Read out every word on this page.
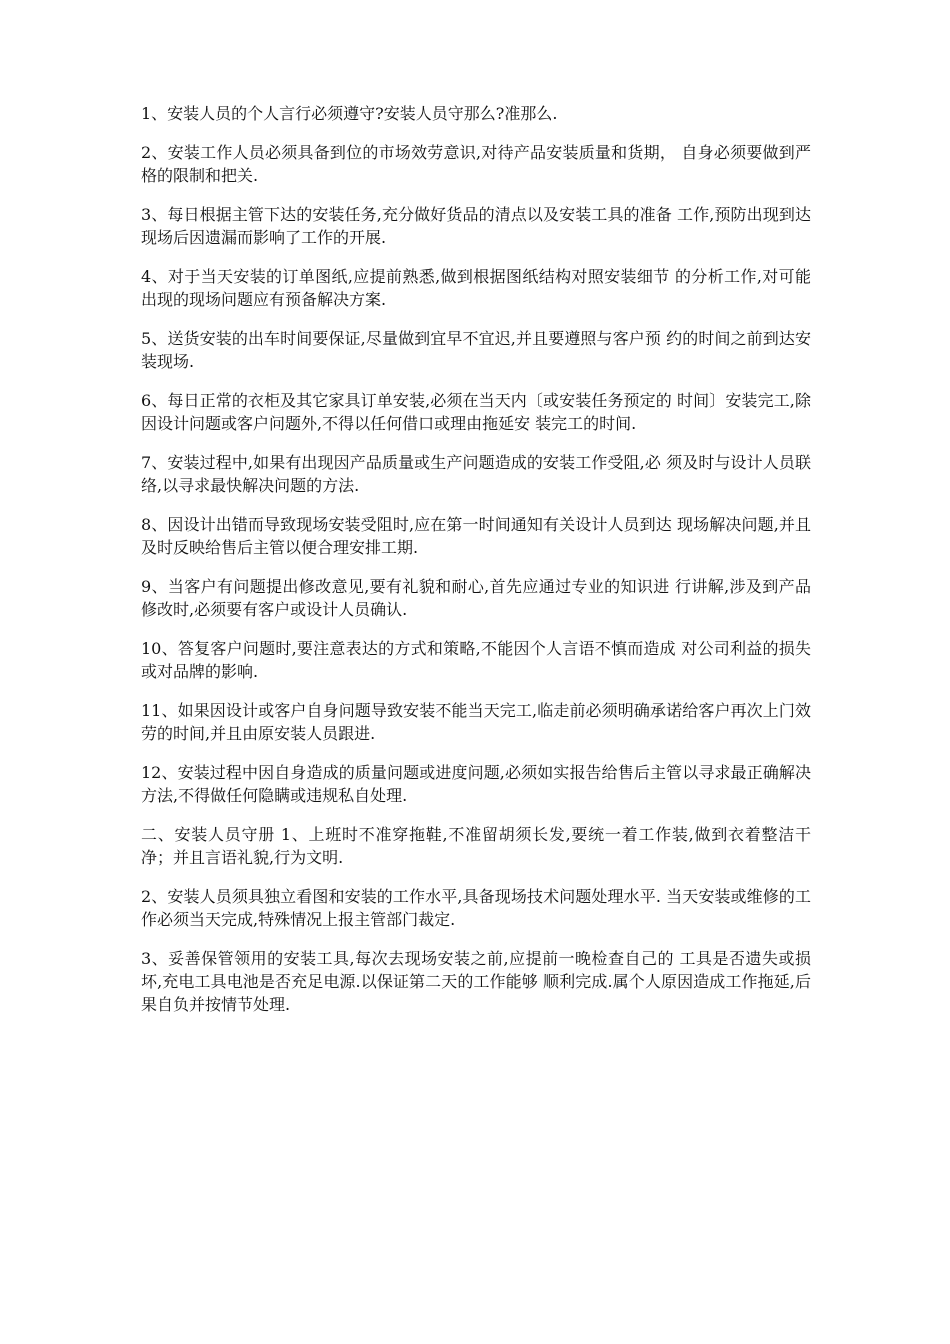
1、安装人员的个人言行必须遵守?安装人员守那么?准那么.

2、安装工作人员必须具备到位的市场效劳意识,对待产品安装质量和货期， 自身必须要做到严格的限制和把关.

3、每日根据主管下达的安装任务,充分做好货品的清点以及安装工具的准备 工作,预防出现到达现场后因遗漏而影响了工作的开展.

4、对于当天安装的订单图纸,应提前熟悉,做到根据图纸结构对照安装细节 的分析工作,对可能出现的现场问题应有预备解决方案.

5、送货安装的出车时间要保证,尽量做到宜早不宜迟,并且要遵照与客户预 约的时间之前到达安装现场.

6、每日正常的衣柜及其它家具订单安装,必须在当天内〔或安装任务预定的 时间〕安装完工,除因设计问题或客户问题外,不得以任何借口或理由拖延安 装完工的时间.

7、安装过程中,如果有出现因产品质量或生产问题造成的安装工作受阻,必 须及时与设计人员联络,以寻求最快解决问题的方法.

8、因设计出错而导致现场安装受阻时,应在第一时间通知有关设计人员到达 现场解决问题,并且及时反映给售后主管以便合理安排工期.

9、当客户有问题提出修改意见,要有礼貌和耐心,首先应通过专业的知识进 行讲解,涉及到产品修改时,必须要有客户或设计人员确认.

10、答复客户问题时,要注意表达的方式和策略,不能因个人言语不慎而造成 对公司利益的损失或对品牌的影响.

11、如果因设计或客户自身问题导致安装不能当天完工,临走前必须明确承诺给客户再次上门效劳的时间,并且由原安装人员跟进.

12、安装过程中因自身造成的质量问题或进度问题,必须如实报告给售后主管以寻求最正确解决方法,不得做任何隐瞒或违规私自处理.

二、安装人员守册 1、上班时不准穿拖鞋,不准留胡须长发,要统一着工作装,做到衣着整洁干 净；并且言语礼貌,行为文明.

2、安装人员须具独立看图和安装的工作水平,具备现场技术问题处理水平. 当天安装或维修的工作必须当天完成,特殊情况上报主管部门裁定.

3、妥善保管领用的安装工具,每次去现场安装之前,应提前一晚检查自己的 工具是否遗失或损坏,充电工具电池是否充足电源.以保证第二天的工作能够 顺利完成.属个人原因造成工作拖延,后果自负并按情节处理.
